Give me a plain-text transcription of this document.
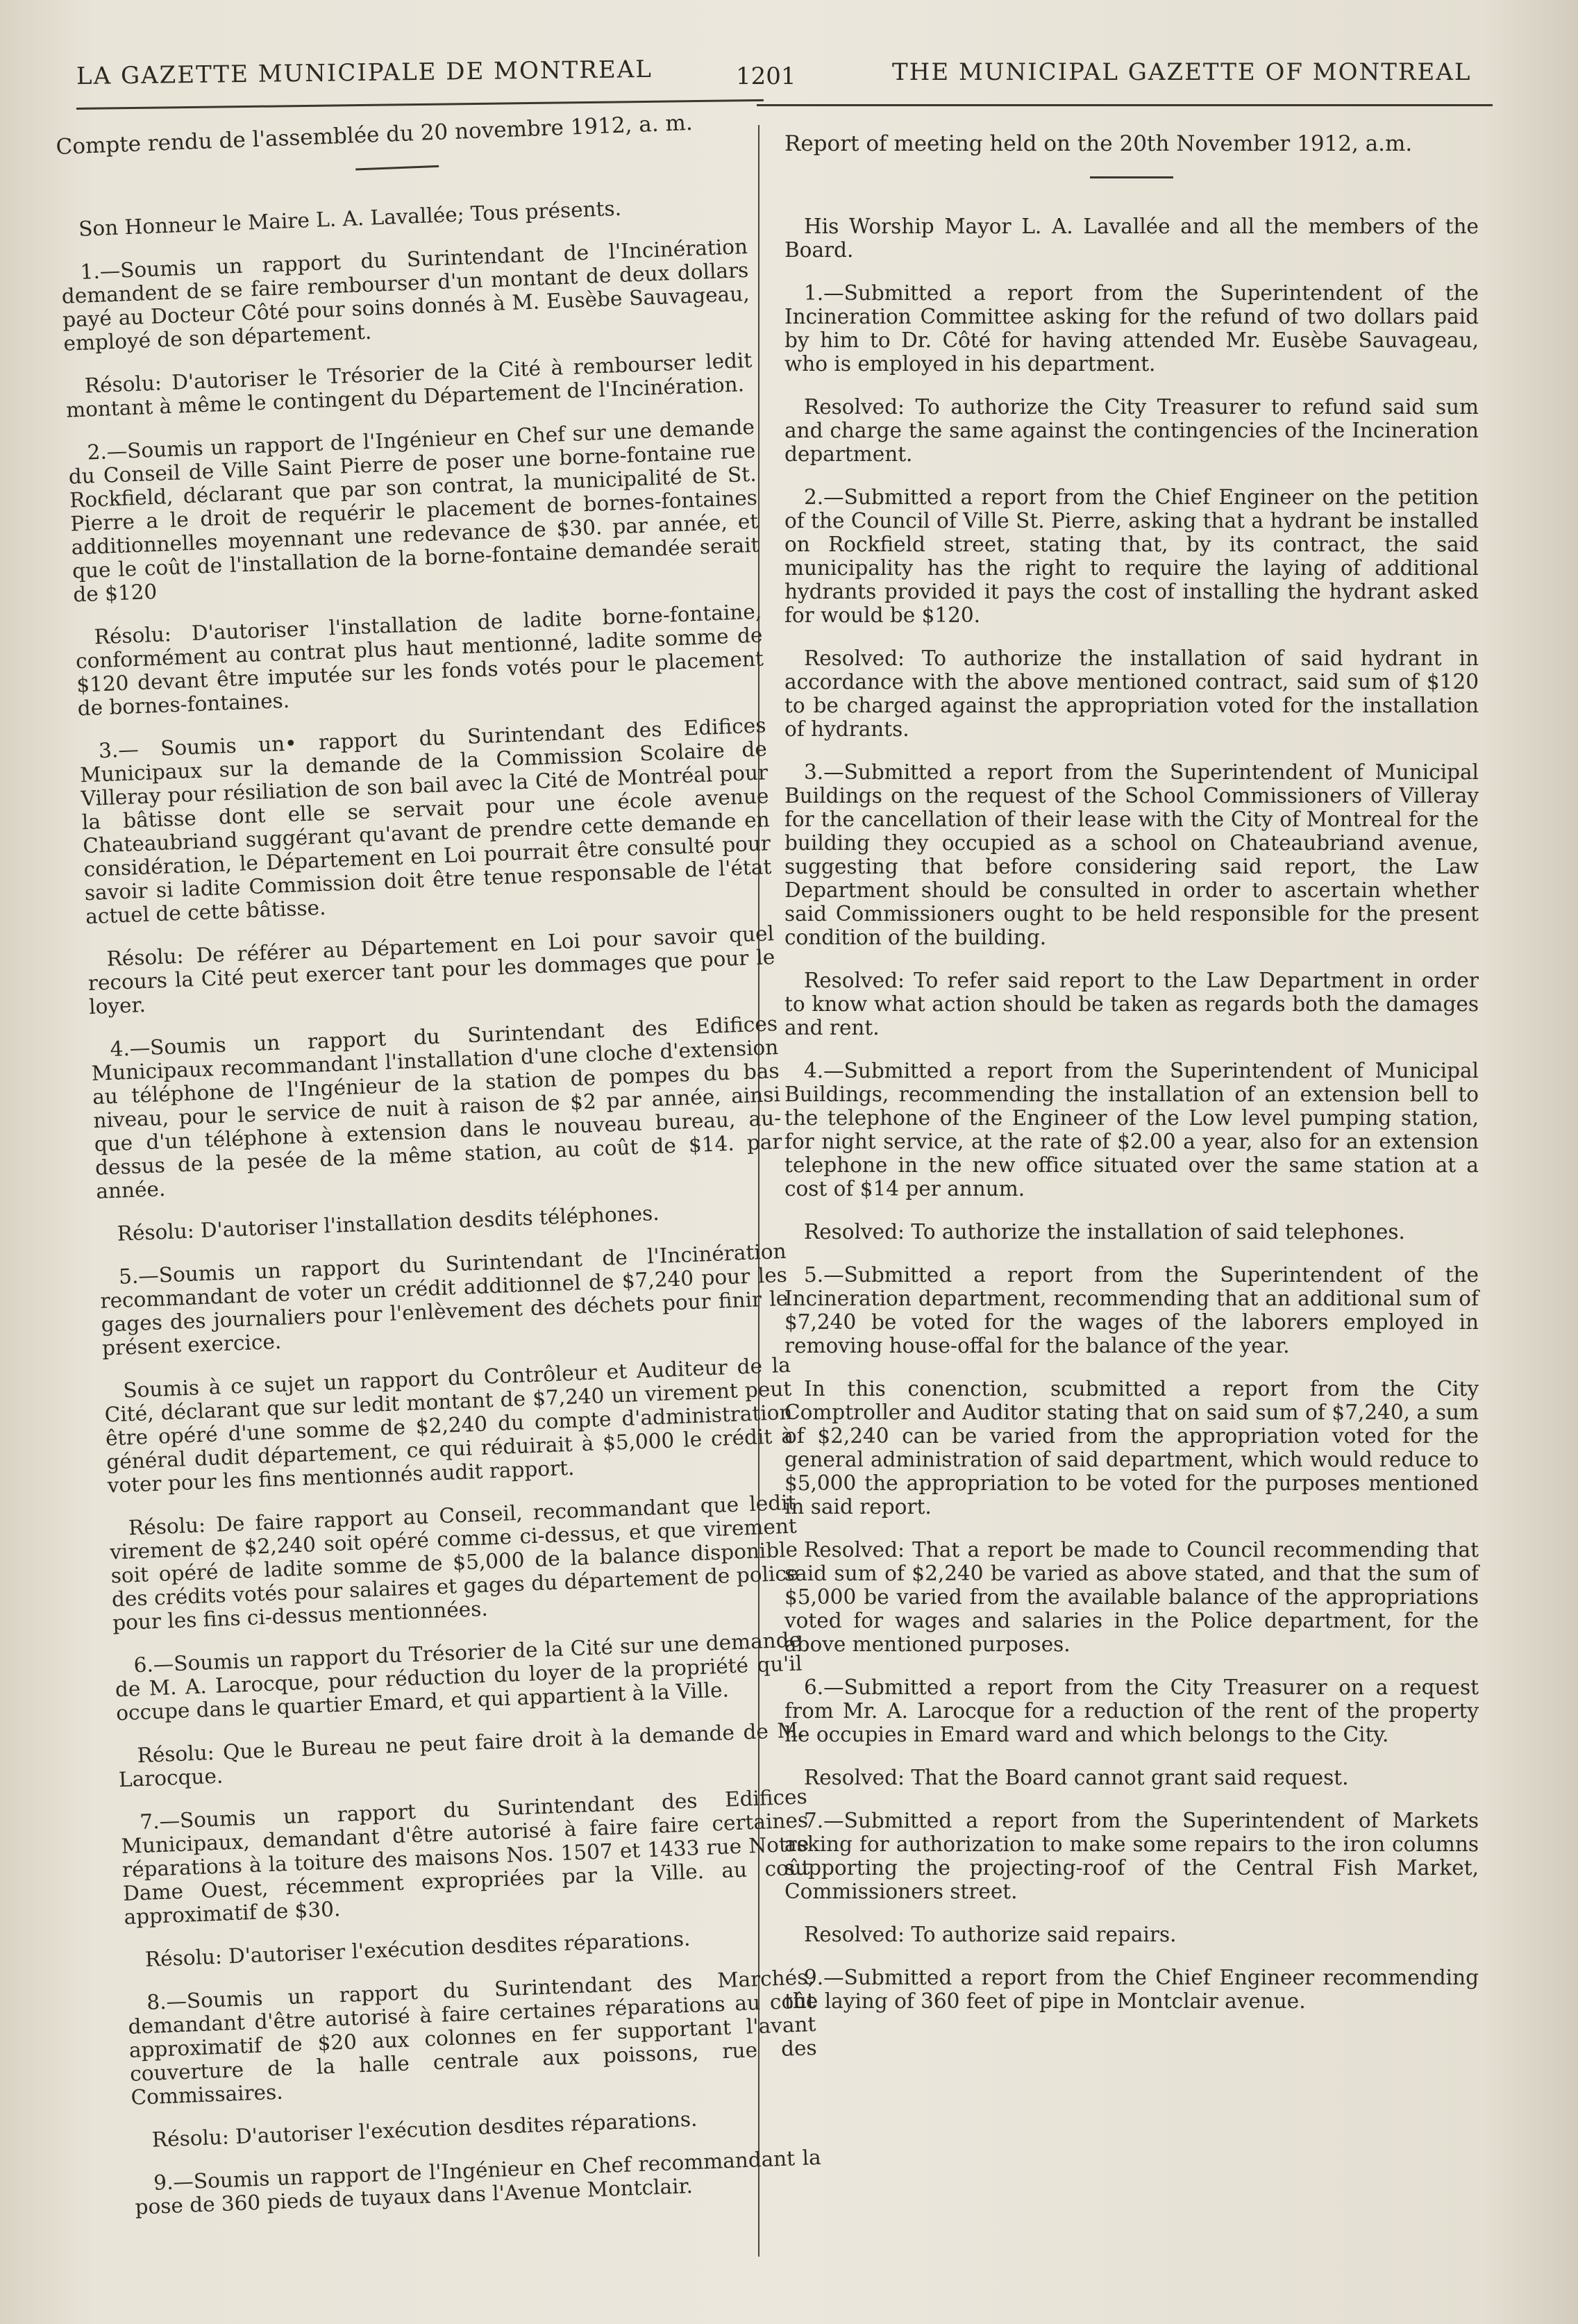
LA GAZETTE MUNICIPALE DE MONTREAL	1201	THE MUNICIPAL GAZETTE OF MONTREAL

Compte rendu de l'assemblée du 20 novembre 1912, a. m.

Son Honneur le Maire L. A. Lavallée; Tous présents.

1.—Soumis un rapport du Surintendant de l'Incinération demandent de se faire rembourser d'un montant de deux dollars payé au Docteur Côté pour soins donnés à M. Eusèbe Sauvageau, employé de son département.

Résolu: D'autoriser le Trésorier de la Cité à rembourser ledit montant à même le contingent du Département de l'Incinération.

2.—Soumis un rapport de l'Ingénieur en Chef sur une demande du Conseil de Ville Saint Pierre de poser une borne-fontaine rue Rockfield, déclarant que par son contrat, la municipalité de St. Pierre a le droit de requérir le placement de bornes-fontaines additionnelles moyennant une redevance de $30. par année, et que le coût de l'installation de la borne-fontaine demandée serait de $120

Résolu: D'autoriser l'installation de ladite borne-fontaine, conformément au contrat plus haut mentionné, ladite somme de $120 devant être imputée sur les fonds votés pour le placement de bornes-fontaines.

3.— Soumis un• rapport du Surintendant des Edifices Municipaux sur la demande de la Commission Scolaire de Villeray pour résiliation de son bail avec la Cité de Montréal pour la bâtisse dont elle se servait pour une école avenue Chateaubriand suggérant qu'avant de prendre cette demande en considération, le Département en Loi pourrait être consulté pour savoir si ladite Commission doit être tenue responsable de l'état actuel de cette bâtisse.

Résolu: De référer au Département en Loi pour savoir quel recours la Cité peut exercer tant pour les dommages que pour le loyer.

4.—Soumis un rapport du Surintendant des Edifices Municipaux recommandant l'installation d'une cloche d'extension au téléphone de l'Ingénieur de la station de pompes du bas niveau, pour le service de nuit à raison de $2 par année, ainsi que d'un téléphone à extension dans le nouveau bureau, au-dessus de la pesée de la même station, au coût de $14. par année.

Résolu: D'autoriser l'installation desdits téléphones.

5.—Soumis un rapport du Surintendant de l'Incinération recommandant de voter un crédit additionnel de $7,240 pour les gages des journaliers pour l'enlèvement des déchets pour finir le présent exercice.

Soumis à ce sujet un rapport du Contrôleur et Auditeur de la Cité, déclarant que sur ledit montant de $7,240 un virement peut être opéré d'une somme de $2,240 du compte d'administration général dudit département, ce qui réduirait à $5,000 le crédit à voter pour les fins mentionnés audit rapport.

Résolu: De faire rapport au Conseil, recommandant que ledit virement de $2,240 soit opéré comme ci-dessus, et que virement soit opéré de ladite somme de $5,000 de la balance disponible des crédits votés pour salaires et gages du département de police pour les fins ci-dessus mentionnées.

6.—Soumis un rapport du Trésorier de la Cité sur une demande de M. A. Larocque, pour réduction du loyer de la propriété qu'il occupe dans le quartier Emard, et qui appartient à la Ville.

Résolu: Que le Bureau ne peut faire droit à la demande de M. Larocque.

7.—Soumis un rapport du Surintendant des Edifices Municipaux, demandant d'être autorisé à faire faire certaines réparations à la toiture des maisons Nos. 1507 et 1433 rue Notre Dame Ouest, récemment expropriées par la Ville. au coût approximatif de $30.

Résolu: D'autoriser l'exécution desdites réparations.

8.—Soumis un rapport du Surintendant des Marchés, demandant d'être autorisé à faire certaines réparations au coût approximatif de $20 aux colonnes en fer supportant l'avant couverture de la halle centrale aux poissons, rue des Commissaires.

Résolu: D'autoriser l'exécution desdites réparations.

9.—Soumis un rapport de l'Ingénieur en Chef recommandant la pose de 360 pieds de tuyaux dans l'Avenue Montclair.

Report of meeting held on the 20th November 1912, a.m.

His Worship Mayor L. A. Lavallée and all the members of the Board.

1.—Submitted a report from the Superintendent of the Incineration Committee asking for the refund of two dollars paid by him to Dr. Côté for having attended Mr. Eusèbe Sauvageau, who is employed in his department.

Resolved: To authorize the City Treasurer to refund said sum and charge the same against the contingencies of the Incineration department.

2.—Submitted a report from the Chief Engineer on the petition of the Council of Ville St. Pierre, asking that a hydrant be installed on Rockfield street, stating that, by its contract, the said municipality has the right to require the laying of additional hydrants provided it pays the cost of installing the hydrant asked for would be $120.

Resolved: To authorize the installation of said hydrant in accordance with the above mentioned contract, said sum of $120 to be charged against the appropriation voted for the installation of hydrants.

3.—Submitted a report from the Superintendent of Municipal Buildings on the request of the School Commissioners of Villeray for the cancellation of their lease with the City of Montreal for the building they occupied as a school on Chateaubriand avenue, suggesting that before considering said report, the Law Department should be consulted in order to ascertain whether said Commissioners ought to be held responsible for the present condition of the building.

Resolved: To refer said report to the Law Department in order to know what action should be taken as regards both the damages and rent.

4.—Submitted a report from the Superintendent of Municipal Buildings, recommending the installation of an extension bell to the telephone of the Engineer of the Low level pumping station, for night service, at the rate of $2.00 a year, also for an extension telephone in the new office situated over the same station at a cost of $14 per annum.

Resolved: To authorize the installation of said telephones.

5.—Submitted a report from the Superintendent of the Incineration department, recommending that an additional sum of $7,240 be voted for the wages of the laborers employed in removing house-offal for the balance of the year.

In this conenction, scubmitted a report from the City Comptroller and Auditor stating that on said sum of $7,240, a sum of $2,240 can be varied from the appropriation voted for the general administration of said department, which would reduce to $5,000 the appropriation to be voted for the purposes mentioned in said report.

Resolved: That a report be made to Council recommending that said sum of $2,240 be varied as above stated, and that the sum of $5,000 be varied from the available balance of the appropriations voted for wages and salaries in the Police department, for the above mentioned purposes.

6.—Submitted a report from the City Treasurer on a request from Mr. A. Larocque for a reduction of the rent of the property he occupies in Emard ward and which belongs to the City.

Resolved: That the Board cannot grant said request.

7.—Submitted a report from the Superintendent of Markets asking for authorization to make some repairs to the iron columns supporting the projecting-roof of the Central Fish Market, Commissioners street.

Resolved: To authorize said repairs.

9.—Submitted a report from the Chief Engineer recommending the laying of 360 feet of pipe in Montclair avenue.
